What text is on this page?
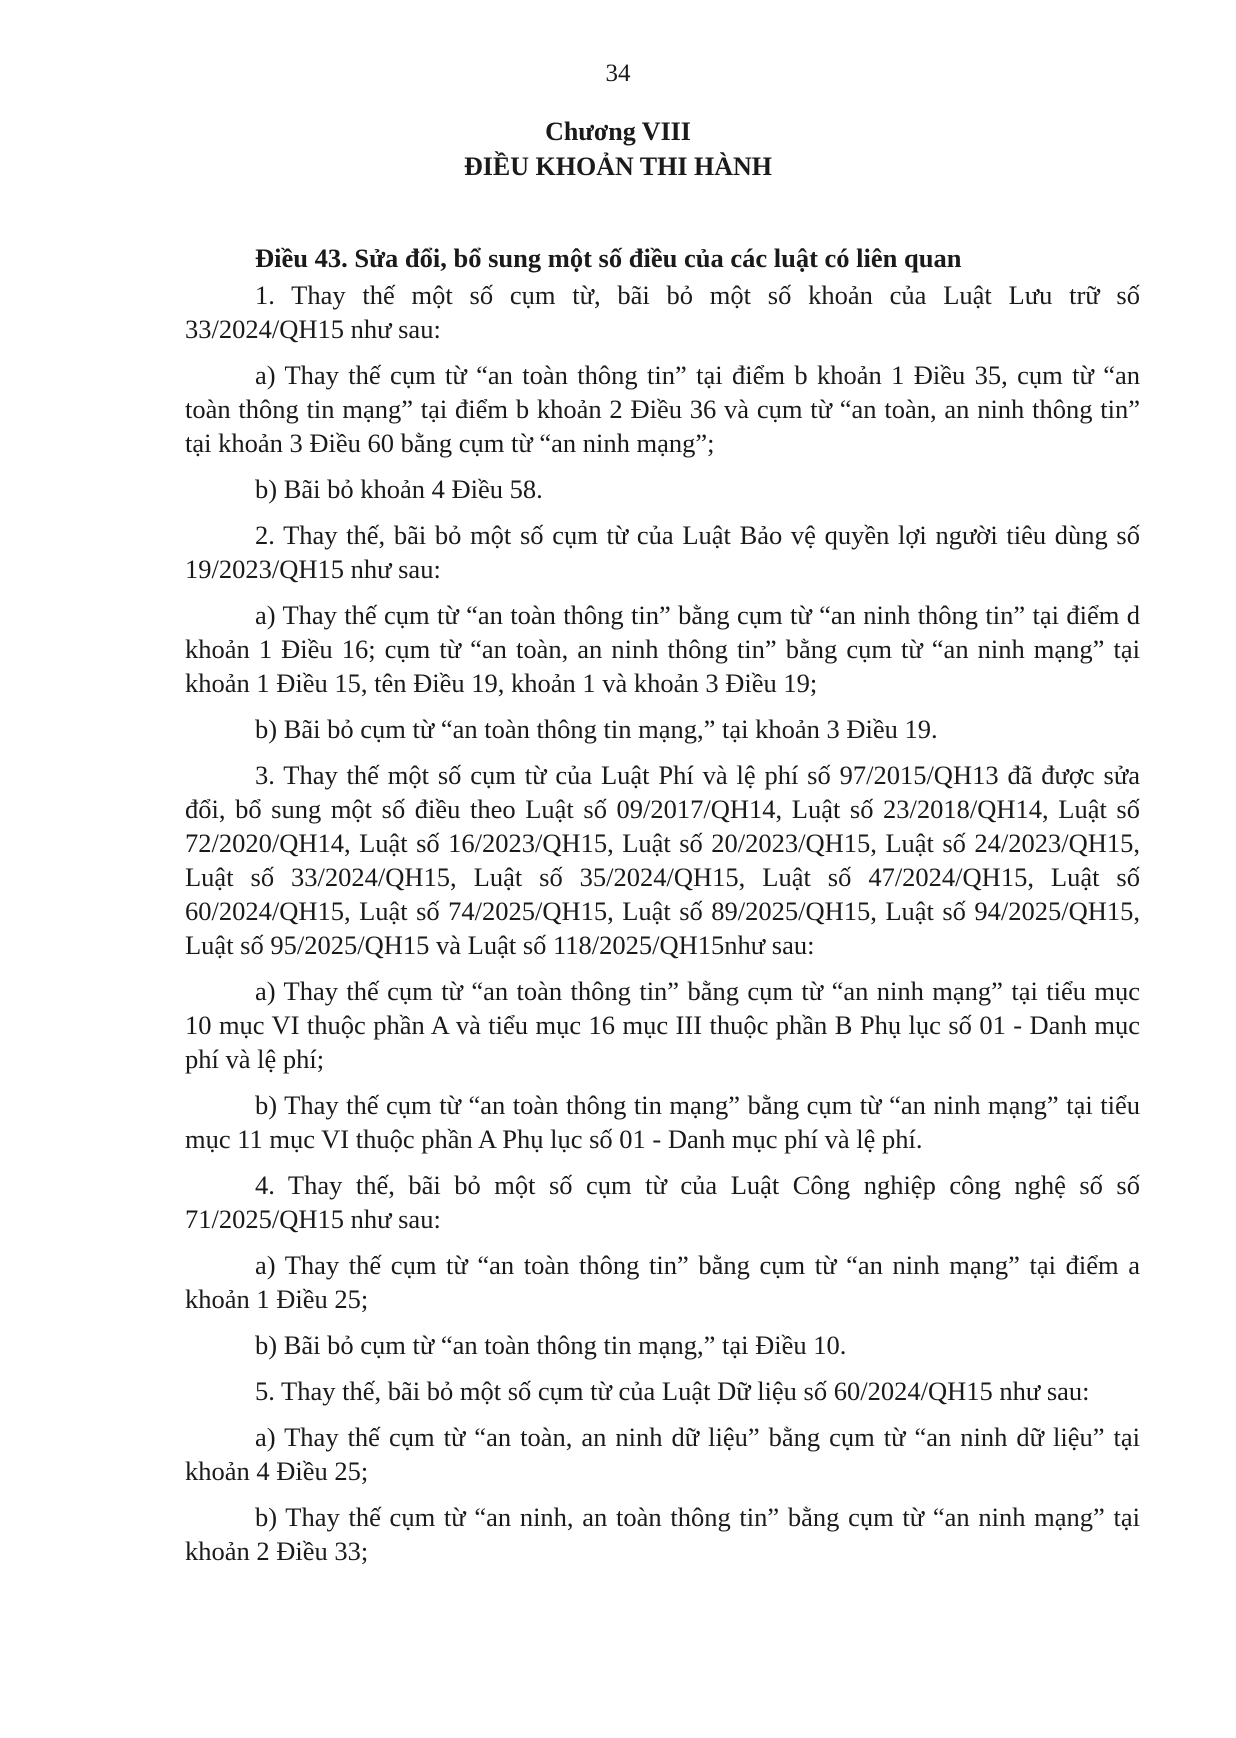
34
Chương VIII
ĐIỀU KHOẢN THI HÀNH

Điều 43. Sửa đổi, bổ sung một số điều của các luật có liên quan

1. Thay thế một số cụm từ, bãi bỏ một số khoản của Luật Lưu trữ số 33/2024/QH15 như sau:

a) Thay thế cụm từ “an toàn thông tin” tại điểm b khoản 1 Điều 35, cụm từ “an toàn thông tin mạng” tại điểm b khoản 2 Điều 36 và cụm từ “an toàn, an ninh thông tin” tại khoản 3 Điều 60 bằng cụm từ “an ninh mạng”;

b) Bãi bỏ khoản 4 Điều 58.

2. Thay thế, bãi bỏ một số cụm từ của Luật Bảo vệ quyền lợi người tiêu dùng số 19/2023/QH15 như sau:

a) Thay thế cụm từ “an toàn thông tin” bằng cụm từ “an ninh thông tin” tại điểm d khoản 1 Điều 16; cụm từ “an toàn, an ninh thông tin” bằng cụm từ “an ninh mạng” tại khoản 1 Điều 15, tên Điều 19, khoản 1 và khoản 3 Điều 19;

b) Bãi bỏ cụm từ “an toàn thông tin mạng,” tại khoản 3 Điều 19.

3. Thay thế một số cụm từ của Luật Phí và lệ phí số 97/2015/QH13 đã được sửa đổi, bổ sung một số điều theo Luật số 09/2017/QH14, Luật số 23/2018/QH14, Luật số 72/2020/QH14, Luật số 16/2023/QH15, Luật số 20/2023/QH15, Luật số 24/2023/QH15, Luật số 33/2024/QH15, Luật số 35/2024/QH15, Luật số 47/2024/QH15, Luật số 60/2024/QH15, Luật số 74/2025/QH15, Luật số 89/2025/QH15, Luật số 94/2025/QH15, Luật số 95/2025/QH15 và Luật số 118/2025/QH15như sau:

a) Thay thế cụm từ “an toàn thông tin” bằng cụm từ “an ninh mạng” tại tiểu mục 10 mục VI thuộc phần A và tiểu mục 16 mục III thuộc phần B Phụ lục số 01 - Danh mục phí và lệ phí;

b) Thay thế cụm từ “an toàn thông tin mạng” bằng cụm từ “an ninh mạng” tại tiểu mục 11 mục VI thuộc phần A Phụ lục số 01 - Danh mục phí và lệ phí.

4. Thay thế, bãi bỏ một số cụm từ của Luật Công nghiệp công nghệ số số 71/2025/QH15 như sau:

a) Thay thế cụm từ “an toàn thông tin” bằng cụm từ “an ninh mạng” tại điểm a khoản 1 Điều 25;

b) Bãi bỏ cụm từ “an toàn thông tin mạng,” tại Điều 10.

5. Thay thế, bãi bỏ một số cụm từ của Luật Dữ liệu số 60/2024/QH15 như sau:

a) Thay thế cụm từ “an toàn, an ninh dữ liệu” bằng cụm từ “an ninh dữ liệu” tại khoản 4 Điều 25;

b) Thay thế cụm từ “an ninh, an toàn thông tin” bằng cụm từ “an ninh mạng” tại khoản 2 Điều 33;
